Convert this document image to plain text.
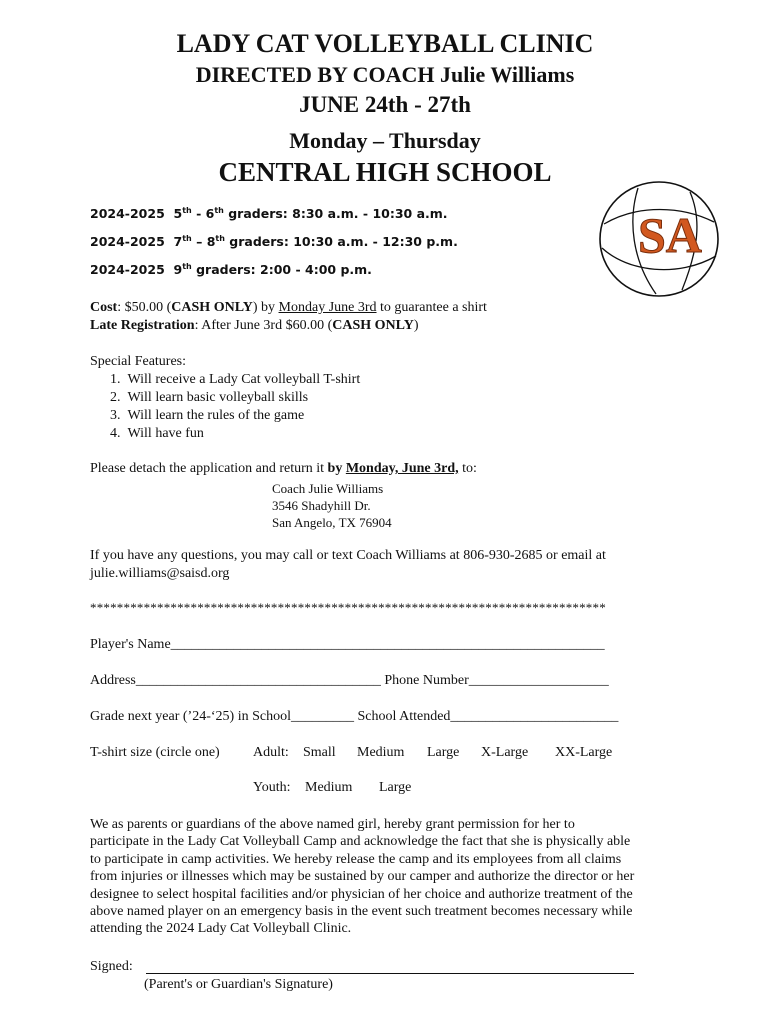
LADY CAT VOLLEYBALL CLINIC
DIRECTED BY COACH Julie Williams
JUNE 24th - 27th
Monday – Thursday
CENTRAL HIGH SCHOOL
2024-2025 5th - 6th graders: 8:30 a.m. - 10:30 a.m.
2024-2025 7th – 8th graders: 10:30 a.m. - 12:30 p.m.
2024-2025 9th graders: 2:00 - 4:00 p.m.
SA
Cost: $50.00 (CASH ONLY) by Monday June 3rd to guarantee a shirt
Late Registration: After June 3rd $60.00 (CASH ONLY)
Special Features:
1.  Will receive a Lady Cat volleyball T-shirt
2.  Will learn basic volleyball skills
3.  Will learn the rules of the game
4.  Will have fun
Please detach the application and return it by Monday, June 3rd, to:
Coach Julie Williams
3546 Shadyhill Dr.
San Angelo, TX 76904
If you have any questions, you may call or text Coach Williams at 806-930-2685 or email at
julie.williams@saisd.org
*****************************************************************************
Player's Name______________________________________________________________
Address___________________________________ Phone Number____________________
Grade next year (’24-‘25) in School_________ School Attended________________________
T-shirt size (circle one) Adult: Small Medium Large X-Large XX-Large
Youth: Medium Large
We as parents or guardians of the above named girl, hereby grant permission for her to
participate in the Lady Cat Volleyball Camp and acknowledge the fact that she is physically able
to participate in camp activities. We hereby release the camp and its employees from all claims
from injuries or illnesses which may be sustained by our camper and authorize the director or her
designee to select hospital facilities and/or physician of her choice and authorize treatment of the
above named player on an emergency basis in the event such treatment becomes necessary while
attending the 2024 Lady Cat Volleyball Clinic.
Signed:
(Parent's or Guardian's Signature)
